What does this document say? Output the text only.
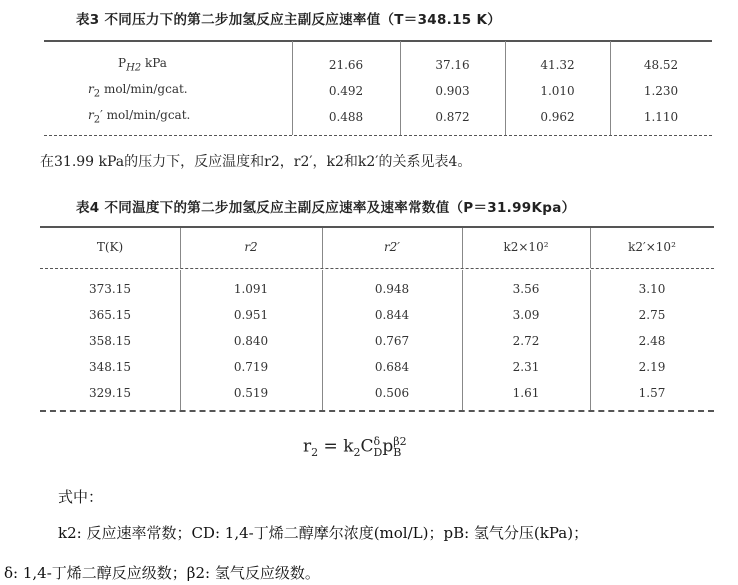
表3 不同压力下的第二步加氢反应主副反应速率值（T＝348.15 K）
$P_{H2}$ kPa	21.66	37.16	41.32	48.52
$r_2$ mol/min/gcat.	0.492	0.903	1.010	1.230
$r_2'$ mol/min/gcat.	0.488	0.872	0.962	1.110
在31.99 kPa的压力下，反应温度和r2，r2′，k2和k2′的关系见表4。
表4 不同温度下的第二步加氢反应主副反应速率及速率常数值（P＝31.99Kpa）
T(K)	r2	r2′	k2×10²	k2′×10²
373.15	1.091	0.948	3.56	3.10
365.15	0.951	0.844	3.09	2.75
358.15	0.840	0.767	2.72	2.48
348.15	0.719	0.684	2.31	2.19
329.15	0.519	0.506	1.61	1.57
$r_2 = k_2C$ δ
D p β2
B
式中：
k2: 反应速率常数；CD: 1,4-丁烯二醇摩尔浓度(mol/L)；pB: 氢气分压(kPa)；
δ: 1,4-丁烯二醇反应级数；β2: 氢气反应级数。
